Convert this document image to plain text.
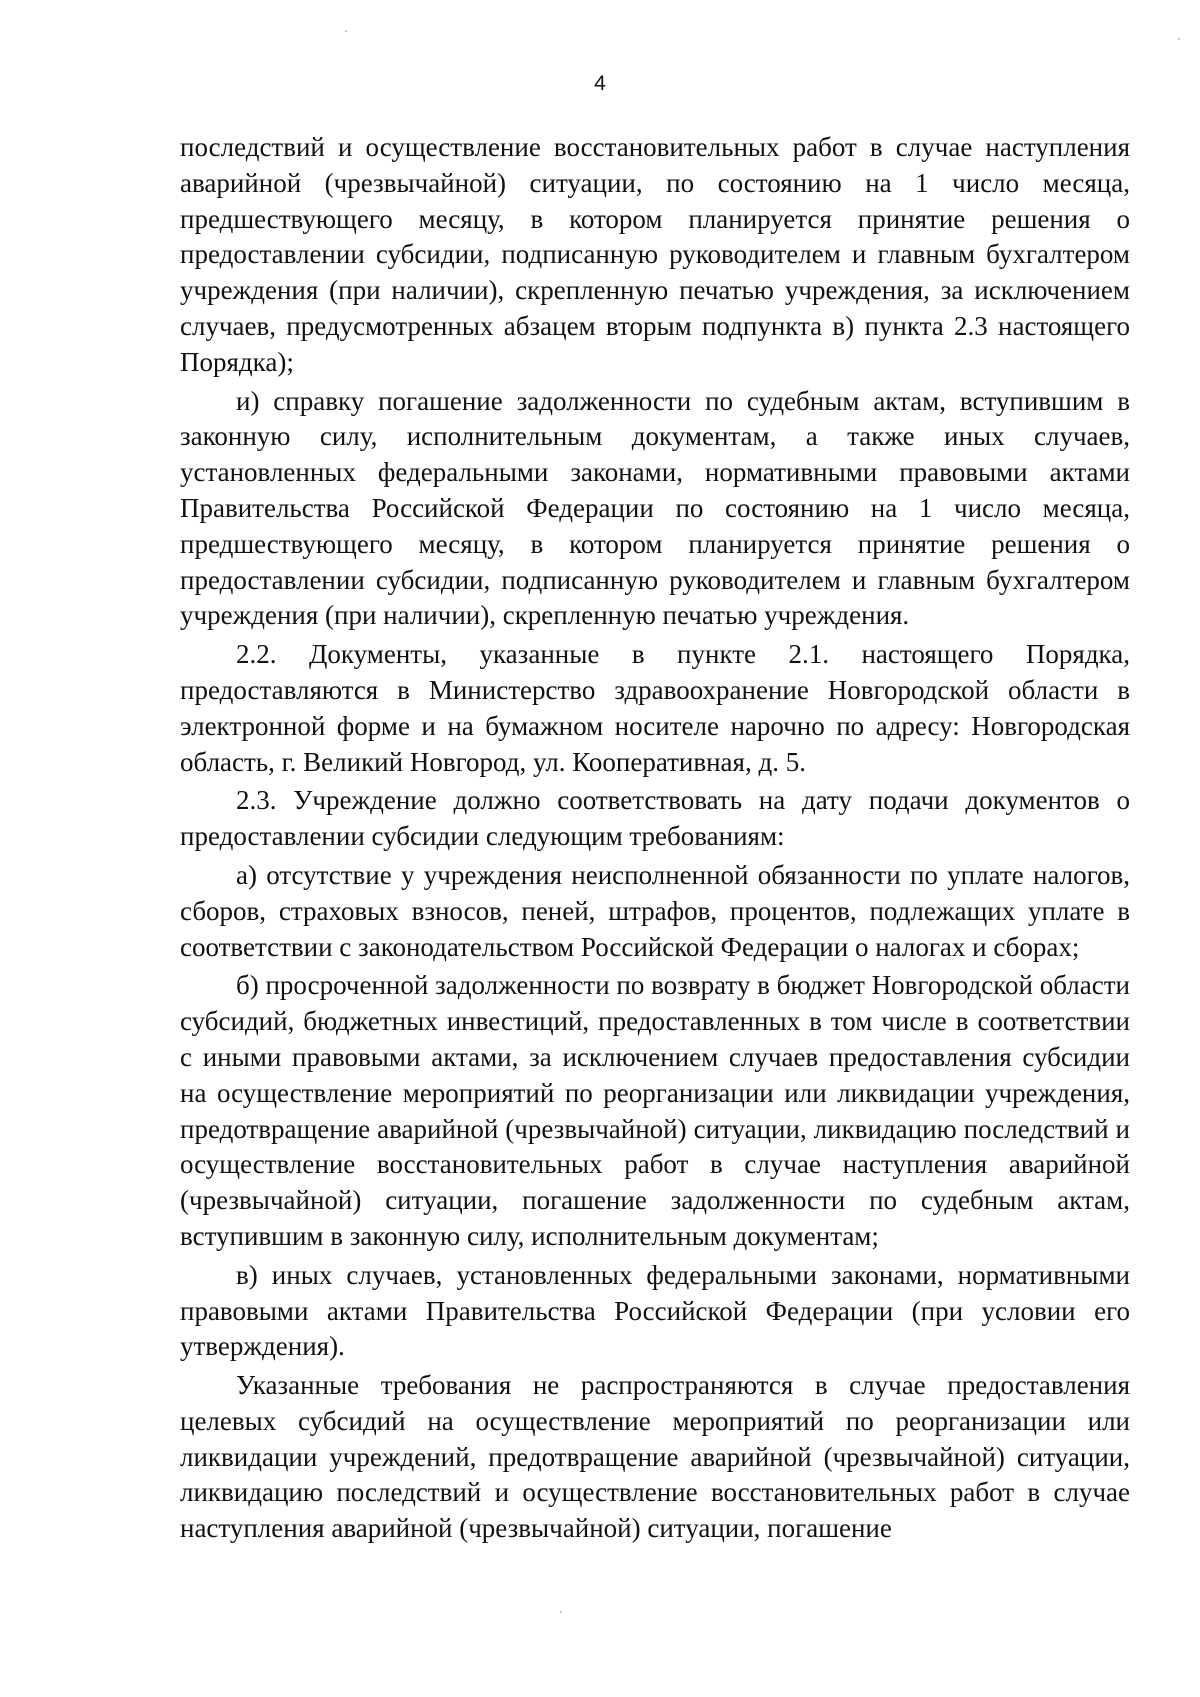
4

последствий и осуществление восстановительных работ в случае наступления аварийной (чрезвычайной) ситуации, по состоянию на 1 число месяца, предшествующего месяцу, в котором планируется принятие решения о предоставлении субсидии, подписанную руководителем и главным бухгалтером учреждения (при наличии), скрепленную печатью учреждения, за исключением случаев, предусмотренных абзацем вторым подпункта в) пункта 2.3 настоящего Порядка);

и) справку погашение задолженности по судебным актам, вступившим в законную силу, исполнительным документам, а также иных случаев, установленных федеральными законами, нормативными правовыми актами Правительства Российской Федерации по состоянию на 1 число месяца, предшествующего месяцу, в котором планируется принятие решения о предоставлении субсидии, подписанную руководителем и главным бухгалтером учреждения (при наличии), скрепленную печатью учреждения.

2.2. Документы, указанные в пункте 2.1. настоящего Порядка, предоставляются в Министерство здравоохранение Новгородской области в электронной форме и на бумажном носителе нарочно по адресу: Новгородская область, г. Великий Новгород, ул. Кооперативная, д. 5.

2.3. Учреждение должно соответствовать на дату подачи документов о предоставлении субсидии следующим требованиям:

а) отсутствие у учреждения неисполненной обязанности по уплате налогов, сборов, страховых взносов, пеней, штрафов, процентов, подлежащих уплате в соответствии с законодательством Российской Федерации о налогах и сборах;

б) просроченной задолженности по возврату в бюджет Новгородской области субсидий, бюджетных инвестиций, предоставленных в том числе в соответствии с иными правовыми актами, за исключением случаев предоставления субсидии на осуществление мероприятий по реорганизации или ликвидации учреждения, предотвращение аварийной (чрезвычайной) ситуации, ликвидацию последствий и осуществление восстановительных работ в случае наступления аварийной (чрезвычайной) ситуации, погашение задолженности по судебным актам, вступившим в законную силу, исполнительным документам;

в) иных случаев, установленных федеральными законами, нормативными правовыми актами Правительства Российской Федерации (при условии его утверждения).

Указанные требования не распространяются в случае предоставления целевых субсидий на осуществление мероприятий по реорганизации или ликвидации учреждений, предотвращение аварийной (чрезвычайной) ситуации, ликвидацию последствий и осуществление восстановительных работ в случае наступления аварийной (чрезвычайной) ситуации, погашение
